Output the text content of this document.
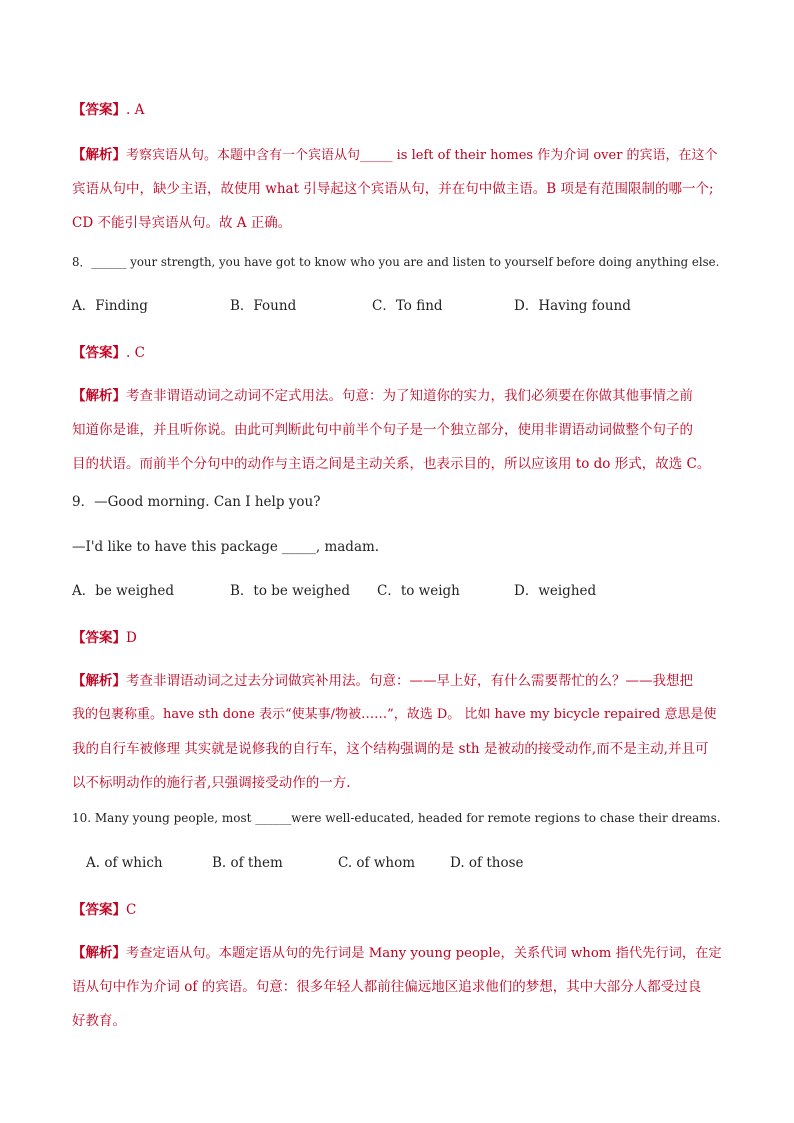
【答案】. A
【解析】考察宾语从句。本题中含有一个宾语从句_____ is left of their homes 作为介词 over 的宾语，在这个
宾语从句中，缺少主语，故使用 what 引导起这个宾语从句，并在句中做主语。B 项是有范围限制的哪一个;
CD 不能引导宾语从句。故 A 正确。
8．______ your strength, you have got to know who you are and listen to yourself before doing anything else.
A．Finding	B．Found	C．To find	D．Having found
【答案】. C
【解析】考查非谓语动词之动词不定式用法。句意：为了知道你的实力，我们必须要在你做其他事情之前
知道你是谁，并且听你说。由此可判断此句中前半个句子是一个独立部分，使用非谓语动词做整个句子的
目的状语。而前半个分句中的动作与主语之间是主动关系，也表示目的，所以应该用 to do 形式，故选 C。
9．—Good morning. Can I help you?
—I'd like to have this package _____, madam.
A．be weighed	B．to be weighed C．to weigh	D．weighed
【答案】D
【解析】考查非谓语动词之过去分词做宾补用法。句意：——早上好，有什么需要帮忙的么？——我想把
我的包裹称重。have sth done 表示“使某事/物被……”，故选 D。 比如 have my bicycle repaired 意思是使
我的自行车被修理 其实就是说修我的自行车，这个结构强调的是 sth 是被动的接受动作,而不是主动,并且可
以不标明动作的施行者,只强调接受动作的一方.
10. Many young people, most ______were well-educated, headed for remote regions to chase their dreams.
A. of which	B. of them	C. of whom	D. of those
【答案】C
【解析】考查定语从句。本题定语从句的先行词是 Many young people，关系代词 whom 指代先行词，在定
语从句中作为介词 of 的宾语。句意：很多年轻人都前往偏远地区追求他们的梦想，其中大部分人都受过良
好教育。
